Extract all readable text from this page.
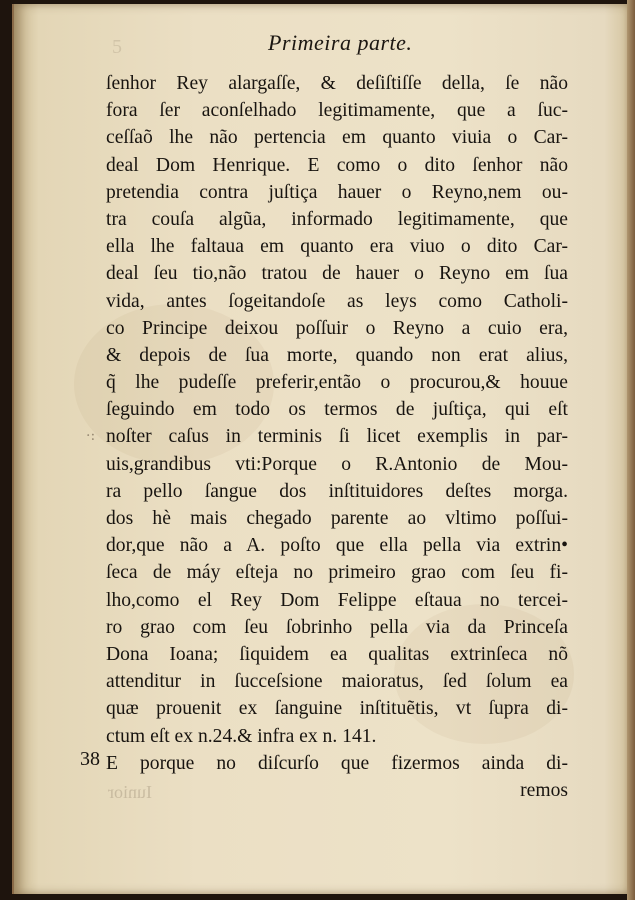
5
·:
Primeira parte.
ſenhor Rey alargaſſe, & deſiſtiſſe della, ſe não
fora ſer aconſelhado legitimamente, que a ſuc-
ceſſaõ lhe não pertencia em quanto viuia o Car-
deal Dom Henrique. E como o dito ſenhor não
pretendia contra juſtiça hauer o Reyno,nem ou-
tra couſa algũa, informado legitimamente, que
ella lhe faltaua em quanto era viuo o dito Car-
deal ſeu tio,não tratou de hauer o Reyno em ſua
vida, antes ſogeitandoſe as leys como Catholi-
co Principe deixou poſſuir o Reyno a cuio era,
& depois de ſua morte, quando non erat alius,
q̃ lhe pudeſſe preferir,então o procurou,& houue
ſeguindo em todo os termos de juſtiça, qui eſt
noſter caſus in terminis ſi licet exemplis in par-
uis,grandibus vti:Porque o R.Antonio de Mou-
ra pello ſangue dos inſtituidores deſtes morga.
dos hè mais chegado parente ao vltimo poſſui-
dor,que não a A. poſto que ella pella via extrin•
ſeca de máy eſteja no primeiro grao com ſeu fi-
lho,como el Rey Dom Felippe eſtaua no tercei-
ro grao com ſeu ſobrinho pella via da Princeſa
Dona Ioana; ſiquidem ea qualitas extrinſeca nõ
attenditur in ſucceſsione maioratus, ſed ſolum ea
quæ prouenit ex ſanguine inſtituẽtis, vt ſupra di-
ctum eſt ex n.24.& infra ex n. 141.
E porque no diſcurſo que fizermos ainda di-
remos
38
Iunior
